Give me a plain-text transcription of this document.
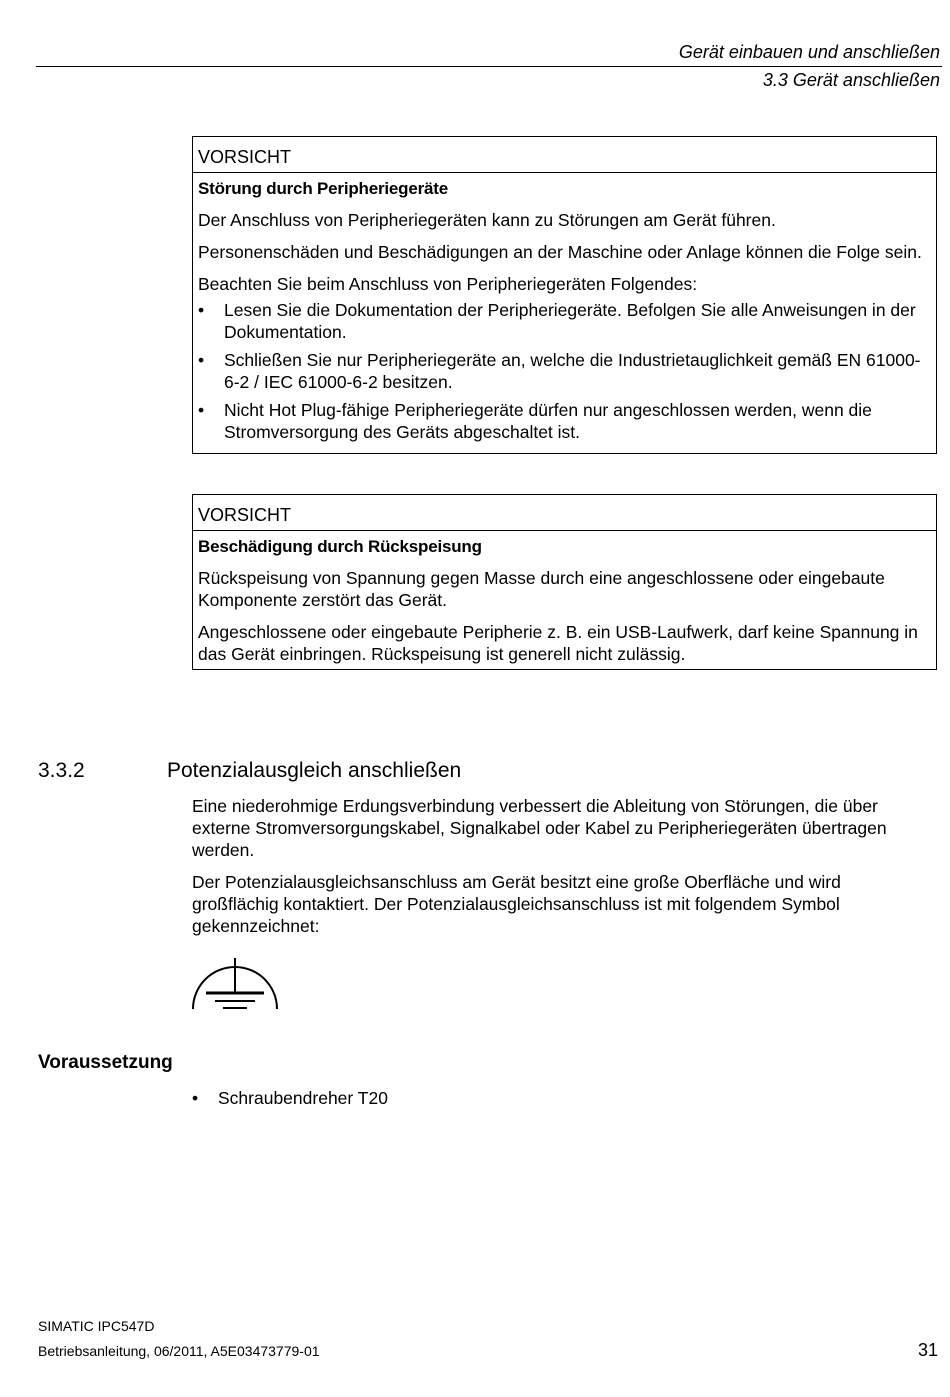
Gerät einbauen und anschließen
3.3 Gerät anschließen
VORSICHT
Störung durch Peripheriegeräte

Der Anschluss von Peripheriegeräten kann zu Störungen am Gerät führen.

Personenschäden und Beschädigungen an der Maschine oder Anlage können die Folge sein.

Beachten Sie beim Anschluss von Peripheriegeräten Folgendes:

• Lesen Sie die Dokumentation der Peripheriegeräte. Befolgen Sie alle Anweisungen in der Dokumentation.
• Schließen Sie nur Peripheriegeräte an, welche die Industrietauglichkeit gemäß EN 61000-6-2 / IEC 61000-6-2 besitzen.
• Nicht Hot Plug-fähige Peripheriegeräte dürfen nur angeschlossen werden, wenn die Stromversorgung des Geräts abgeschaltet ist.
VORSICHT
Beschädigung durch Rückspeisung

Rückspeisung von Spannung gegen Masse durch eine angeschlossene oder eingebaute Komponente zerstört das Gerät.

Angeschlossene oder eingebaute Peripherie z. B. ein USB-Laufwerk, darf keine Spannung in das Gerät einbringen. Rückspeisung ist generell nicht zulässig.

3.3.2	Potenzialausgleich anschließen

Eine niederohmige Erdungsverbindung verbessert die Ableitung von Störungen, die über externe Stromversorgungskabel, Signalkabel oder Kabel zu Peripheriegeräten übertragen werden.

Der Potenzialausgleichsanschluss am Gerät besitzt eine große Oberfläche und wird großflächig kontaktiert. Der Potenzialausgleichsanschluss ist mit folgendem Symbol gekennzeichnet:

Voraussetzung
• Schraubendreher T20
SIMATIC IPC547D
Betriebsanleitung, 06/2011, A5E03473779-01	31
